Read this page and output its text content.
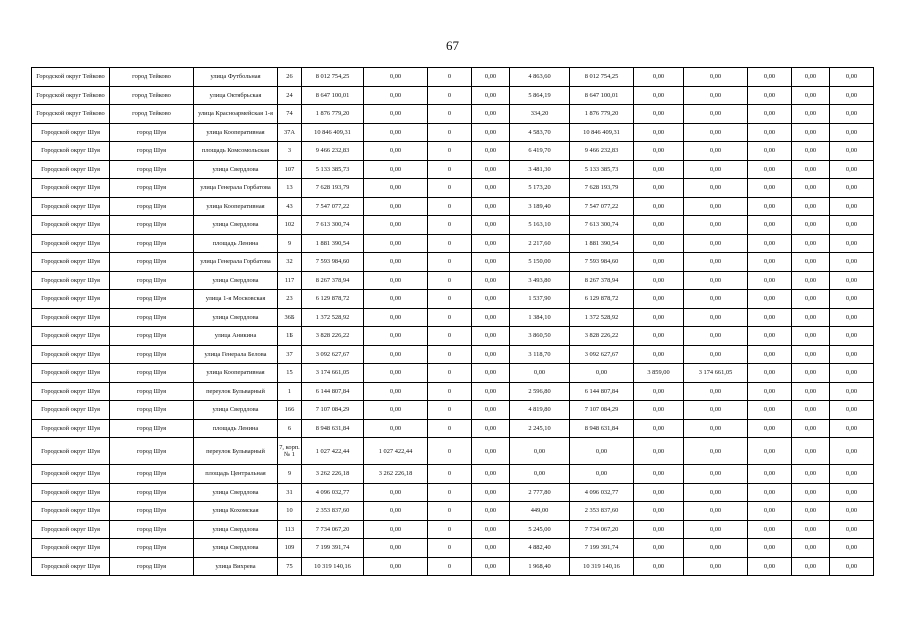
67
Городской округ Тейково	город Тейково	улица Футбольная	26	8 012 754,25	0,00	0	0,00	4 863,60	8 012 754,25	0,00	0,00	0,00	0,00	0,00
Городской округ Тейково	город Тейково	улица Октябрьская	24	8 647 100,01	0,00	0	0,00	5 864,19	8 647 100,01	0,00	0,00	0,00	0,00	0,00
Городской округ Тейково	город Тейково	улица Красноармейская 1-я	74	1 876 779,20	0,00	0	0,00	334,20	1 876 779,20	0,00	0,00	0,00	0,00	0,00
Городской округ Шуя	город Шуя	улица Кооперативная	37А	10 846 409,31	0,00	0	0,00	4 583,70	10 846 409,31	0,00	0,00	0,00	0,00	0,00
Городской округ Шуя	город Шуя	площадь Комсомольская	3	9 466 232,83	0,00	0	0,00	6 419,70	9 466 232,83	0,00	0,00	0,00	0,00	0,00
Городской округ Шуя	город Шуя	улица Свердлова	107	5 133 385,73	0,00	0	0,00	3 481,30	5 133 385,73	0,00	0,00	0,00	0,00	0,00
Городской округ Шуя	город Шуя	улица Генерала Горбатова	13	7 628 193,79	0,00	0	0,00	5 173,20	7 628 193,79	0,00	0,00	0,00	0,00	0,00
Городской округ Шуя	город Шуя	улица Кооперативная	43	7 547 077,22	0,00	0	0,00	3 189,40	7 547 077,22	0,00	0,00	0,00	0,00	0,00
Городской округ Шуя	город Шуя	улица Свердлова	102	7 613 300,74	0,00	0	0,00	5 163,10	7 613 300,74	0,00	0,00	0,00	0,00	0,00
Городской округ Шуя	город Шуя	площадь Ленина	9	1 881 390,54	0,00	0	0,00	2 217,60	1 881 390,54	0,00	0,00	0,00	0,00	0,00
Городской округ Шуя	город Шуя	улица Генерала Горбатова	32	7 593 984,60	0,00	0	0,00	5 150,00	7 593 984,60	0,00	0,00	0,00	0,00	0,00
Городской округ Шуя	город Шуя	улица Свердлова	117	8 267 378,94	0,00	0	0,00	3 493,80	8 267 378,94	0,00	0,00	0,00	0,00	0,00
Городской округ Шуя	город Шуя	улица 1-я Московская	23	6 129 878,72	0,00	0	0,00	1 537,90	6 129 878,72	0,00	0,00	0,00	0,00	0,00
Городской округ Шуя	город Шуя	улица Свердлова	36Б	1 372 528,92	0,00	0	0,00	1 384,10	1 372 528,92	0,00	0,00	0,00	0,00	0,00
Городской округ Шуя	город Шуя	улица Аникина	1Б	3 828 226,22	0,00	0	0,00	3 860,50	3 828 226,22	0,00	0,00	0,00	0,00	0,00
Городской округ Шуя	город Шуя	улица Генерала Белова	37	3 092 627,67	0,00	0	0,00	3 118,70	3 092 627,67	0,00	0,00	0,00	0,00	0,00
Городской округ Шуя	город Шуя	улица Кооперативная	15	3 174 661,05	0,00	0	0,00	0,00	0,00	3 859,00	3 174 661,05	0,00	0,00	0,00
Городской округ Шуя	город Шуя	переулок Бульварный	1	6 144 807,84	0,00	0	0,00	2 596,80	6 144 807,84	0,00	0,00	0,00	0,00	0,00
Городской округ Шуя	город Шуя	улица Свердлова	166	7 107 084,29	0,00	0	0,00	4 819,80	7 107 084,29	0,00	0,00	0,00	0,00	0,00
Городской округ Шуя	город Шуя	площадь Ленина	6	8 948 631,84	0,00	0	0,00	2 245,10	8 948 631,84	0,00	0,00	0,00	0,00	0,00
Городской округ Шуя	город Шуя	переулок Бульварный	7, корп. № 1	1 027 422,44	1 027 422,44	0	0,00	0,00	0,00	0,00	0,00	0,00	0,00	0,00
Городской округ Шуя	город Шуя	площадь Центральная	9	3 262 226,18	3 262 226,18	0	0,00	0,00	0,00	0,00	0,00	0,00	0,00	0,00
Городской округ Шуя	город Шуя	улица Свердлова	31	4 096 032,77	0,00	0	0,00	2 777,80	4 096 032,77	0,00	0,00	0,00	0,00	0,00
Городской округ Шуя	город Шуя	улица Кохомская	10	2 353 837,60	0,00	0	0,00	449,00	2 353 837,60	0,00	0,00	0,00	0,00	0,00
Городской округ Шуя	город Шуя	улица Свердлова	113	7 734 067,20	0,00	0	0,00	5 245,00	7 734 067,20	0,00	0,00	0,00	0,00	0,00
Городской округ Шуя	город Шуя	улица Свердлова	109	7 199 391,74	0,00	0	0,00	4 882,40	7 199 391,74	0,00	0,00	0,00	0,00	0,00
Городской округ Шуя	город Шуя	улица Вихрева	75	10 319 140,16	0,00	0	0,00	1 968,40	10 319 140,16	0,00	0,00	0,00	0,00	0,00
